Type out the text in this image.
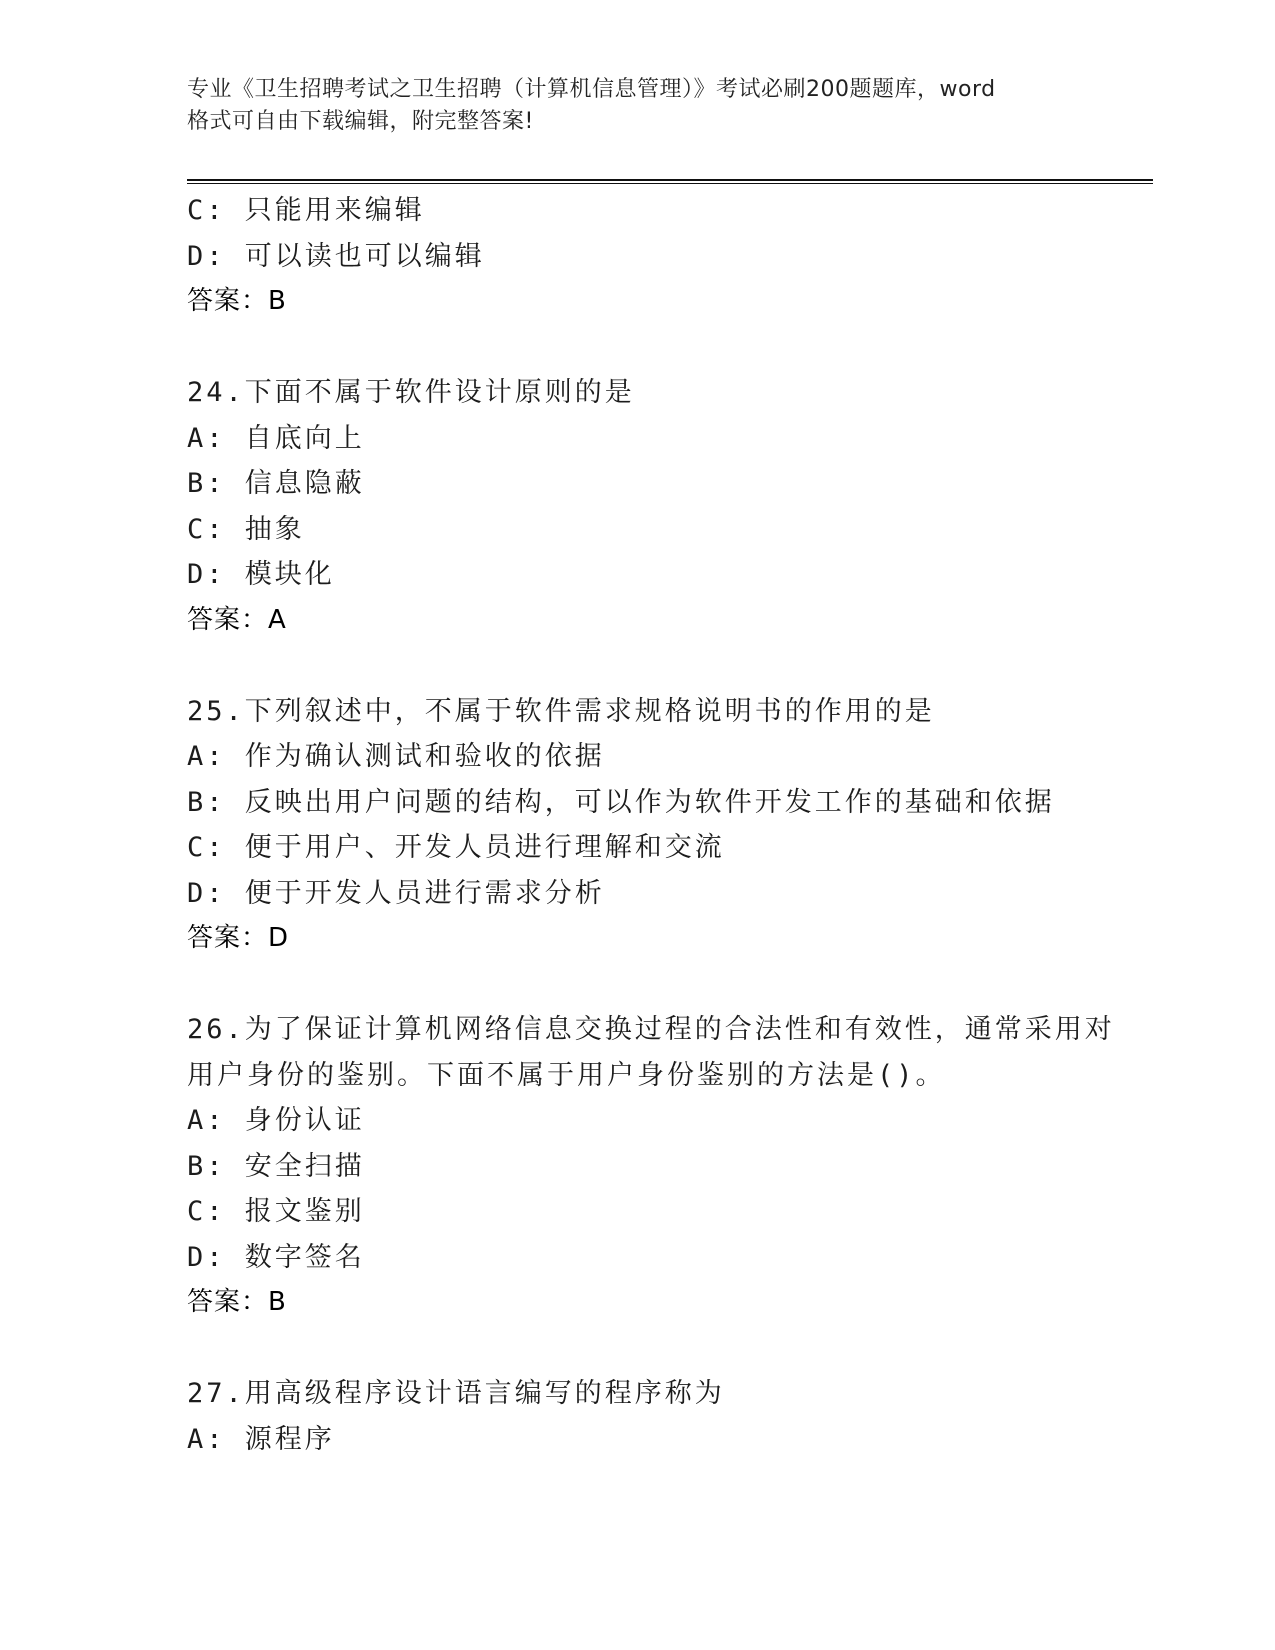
专业《卫生招聘考试之卫生招聘（计算机信息管理）》考试必刷200题题库，word
格式可自由下载编辑，附完整答案!
C: 只能用来编辑
D: 可以读也可以编辑
答案：B
24.下面不属于软件设计原则的是
A: 自底向上
B: 信息隐蔽
C: 抽象
D: 模块化
答案：A
25.下列叙述中，不属于软件需求规格说明书的作用的是
A: 作为确认测试和验收的依据
B: 反映出用户问题的结构，可以作为软件开发工作的基础和依据
C: 便于用户、开发人员进行理解和交流
D: 便于开发人员进行需求分析
答案：D
26.为了保证计算机网络信息交换过程的合法性和有效性，通常采用对
用户身份的鉴别。下面不属于用户身份鉴别的方法是()。
A: 身份认证
B: 安全扫描
C: 报文鉴别
D: 数字签名
答案：B
27.用高级程序设计语言编写的程序称为
A: 源程序
